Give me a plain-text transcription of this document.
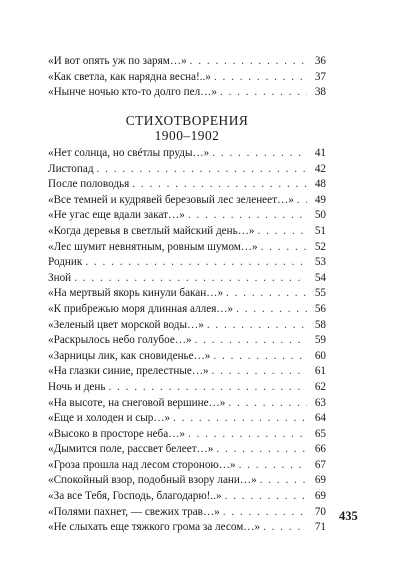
«И вот опять уж по зарям…» . . .	36
«Как светла, как нарядна весна!..» . . .	37
«Нынче ночью кто-то долго пел…» . . .	38
СТИХОТВОРЕНИЯ
1900–1902
«Нет солнца, но свéтлы пруды…» . . .	41
Листопад . . .	42
После половодья . . .	48
«Все темней и кудрявей березовый лес зеленеет…» . . .	49
«Не угас еще вдали закат…» . . .	50
«Когда деревья в светлый майский день…» . . .	51
«Лес шумит невнятным, ровным шумом…» . . .	52
Родник . . .	53
Зной . . .	54
«На мертвый якорь кинули бакан…» . . .	55
«К прибрежью моря длинная аллея…» . . .	56
«Зеленый цвет морской воды…» . . .	58
«Раскрылось небо голубое…» . . .	59
«Зарницы лик, как сновиденье…» . . .	60
«На глазки синие, прелестные…» . . .	61
Ночь и день . . .	62
«На высоте, на снеговой вершине…» . . .	63
«Еще и холоден и сыр…» . . .	64
«Высоко в просторе неба…» . . .	65
«Дымится поле, рассвет белеет…» . . .	66
«Гроза прошла над лесом стороною…» . . .	67
«Спокойный взор, подобный взору лани…» . . .	69
«За все Тебя, Господь, благодарю!..» . . .	69
«Полями пахнет, — свежих трав…» . . .	70
«Не слыхать еще тяжкого грома за лесом…» . . .	71
435
